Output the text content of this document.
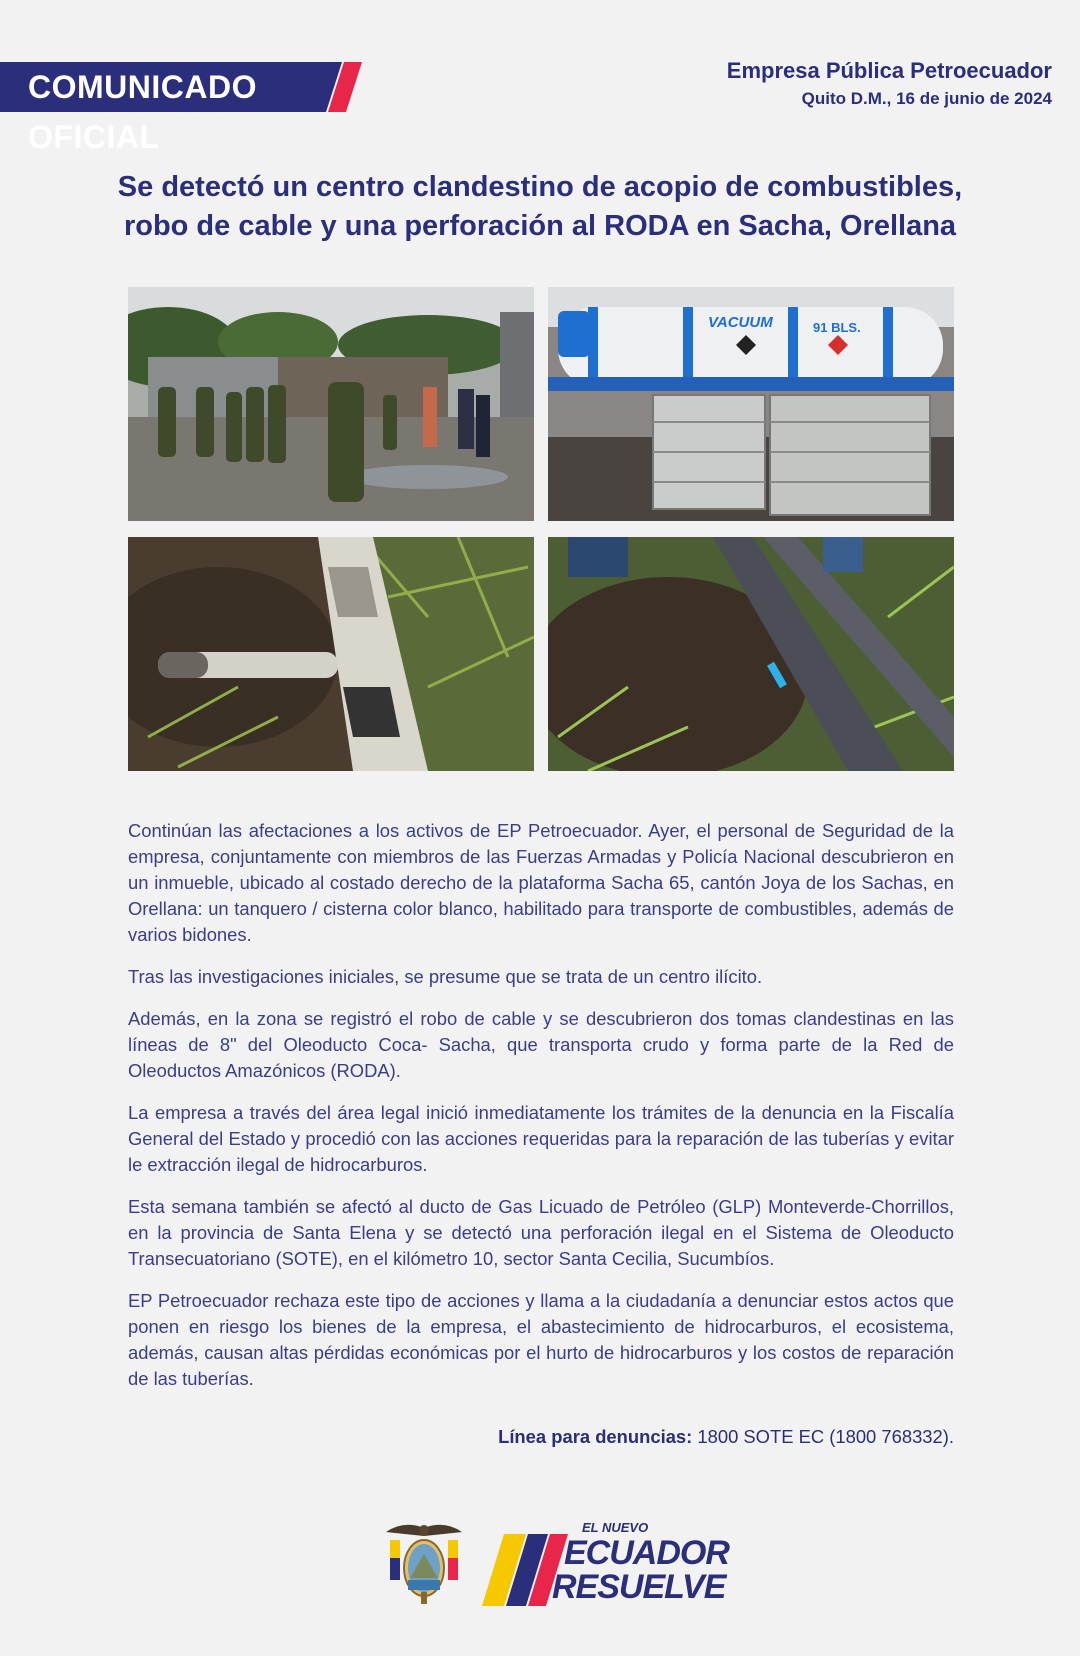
COMUNICADO OFICIAL
Empresa Pública Petroecuador
Quito D.M., 16 de junio de 2024
Se detectó un centro clandestino de acopio de combustibles, robo de cable y una perforación al RODA en Sacha, Orellana
VACUUM	91 BLS.

Continúan las afectaciones a los activos de EP Petroecuador. Ayer, el personal de Seguridad de la empresa, conjuntamente con miembros de las Fuerzas Armadas y Policía Nacional descubrieron en un inmueble, ubicado al costado derecho de la plataforma Sacha 65, cantón Joya de los Sachas, en Orellana: un tanquero / cisterna color blanco, habilitado para transporte de combustibles, además de varios bidones.

Tras las investigaciones iniciales, se presume que se trata de un centro ilícito.

Además, en la zona se registró el robo de cable y se descubrieron dos tomas clandestinas en las líneas de 8" del Oleoducto Coca- Sacha, que transporta crudo y forma parte de la Red de Oleoductos Amazónicos (RODA).

La empresa a través del área legal inició inmediatamente los trámites de la denuncia en la Fiscalía General del Estado y procedió con las acciones requeridas para la reparación de las tuberías y evitar le extracción ilegal de hidrocarburos.

Esta semana también se afectó al ducto de Gas Licuado de Petróleo (GLP) Monteverde-Chorrillos, en la provincia de Santa Elena y se detectó una perforación ilegal en el Sistema de Oleoducto Transecuatoriano (SOTE), en el kilómetro 10, sector Santa Cecilia, Sucumbíos.

EP Petroecuador rechaza este tipo de acciones y llama a la ciudadanía a denunciar estos actos que ponen en riesgo los bienes de la empresa, el abastecimiento de hidrocarburos, el ecosistema, además, causan altas pérdidas económicas por el hurto de hidrocarburos y los costos de reparación de las tuberías.

Línea para denuncias: 1800 SOTE EC (1800 768332).
EL NUEVO
ECUADOR
RESUELVE
